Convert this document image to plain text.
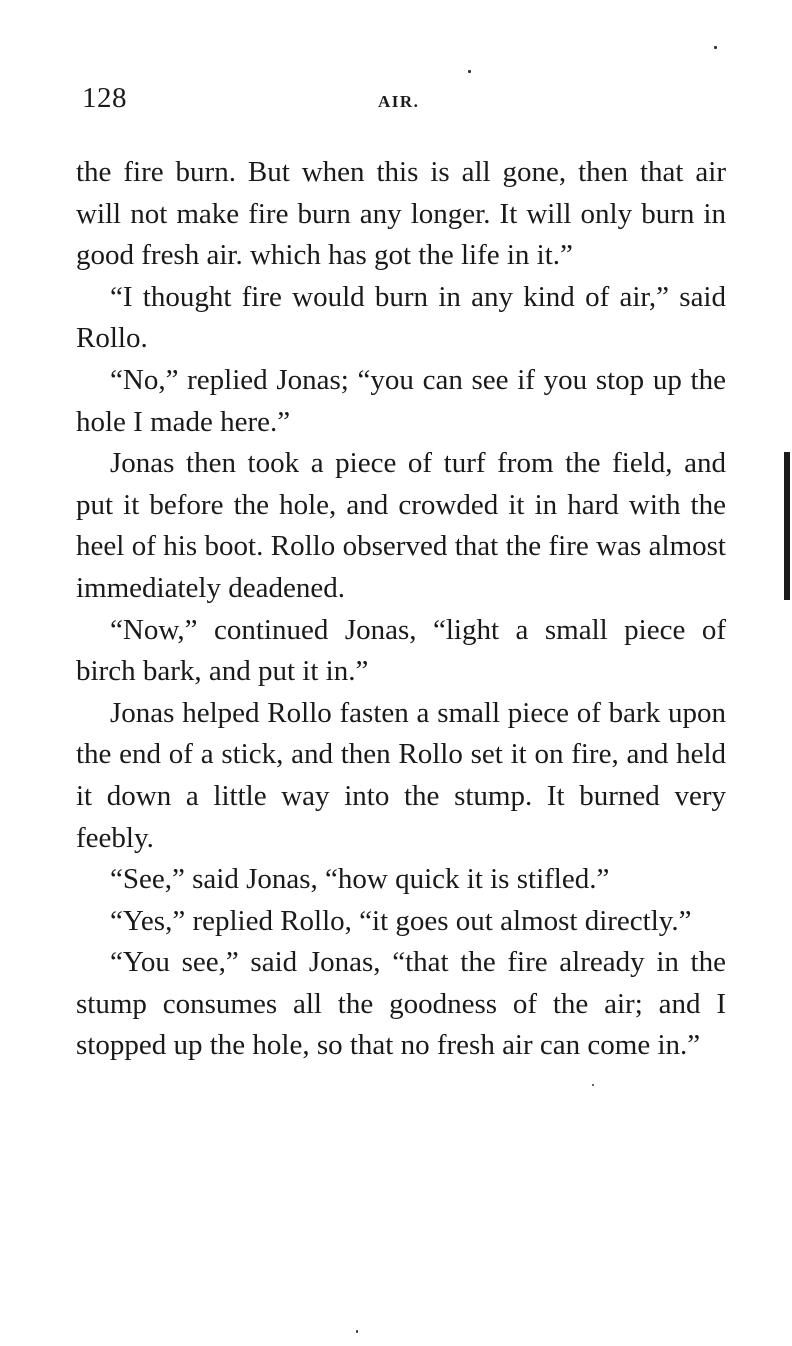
128	AIR.

the fire burn. But when this is all gone, then that air will not make fire burn any longer. It will only burn in good fresh air. which has got the life in it.”

“I thought fire would burn in any kind of air,” said Rollo.

“No,” replied Jonas; “you can see if you stop up the hole I made here.”

Jonas then took a piece of turf from the field, and put it before the hole, and crowded it in hard with the heel of his boot. Rollo observed that the fire was almost immediately deadened.

“Now,” continued Jonas, “light a small piece of birch bark, and put it in.”

Jonas helped Rollo fasten a small piece of bark upon the end of a stick, and then Rollo set it on fire, and held it down a little way into the stump. It burned very feebly.

“See,” said Jonas, “how quick it is stifled.”

“Yes,” replied Rollo, “it goes out almost directly.”

“You see,” said Jonas, “that the fire already in the stump consumes all the goodness of the air; and I stopped up the hole, so that no fresh air can come in.”
